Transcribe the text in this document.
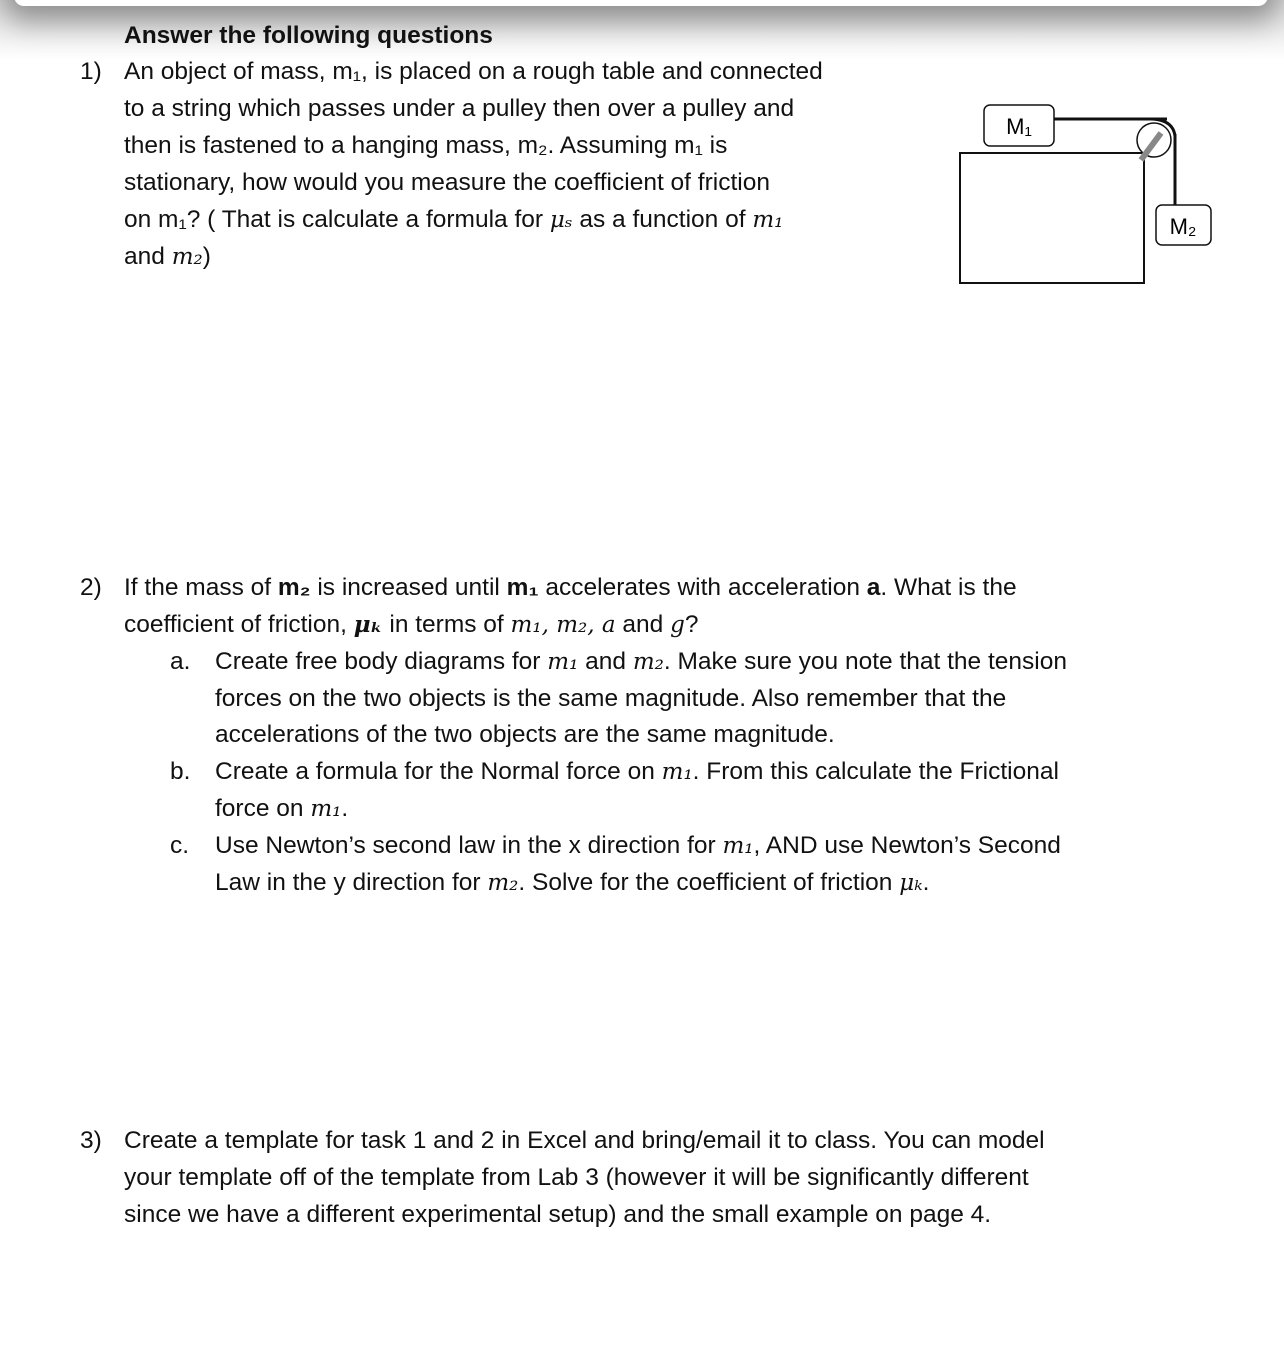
Answer the following questions
1) An object of mass, m₁, is placed on a rough table and connected
to a string which passes under a pulley then over a pulley and
then is fastened to a hanging mass, m₂. Assuming m₁ is
stationary, how would you measure the coefficient of friction
on m₁? ( That is calculate a formula for μₛ as a function of m₁
and m₂)
2) If the mass of m₂ is increased until m₁ accelerates with acceleration a. What is the
coefficient of friction, μₖ in terms of m₁, m₂, a and g?
a. Create free body diagrams for m₁ and m₂. Make sure you note that the tension
forces on the two objects is the same magnitude. Also remember that the
accelerations of the two objects are the same magnitude.
b. Create a formula for the Normal force on m₁. From this calculate the Frictional
force on m₁.
c. Use Newton’s second law in the x direction for m₁, AND use Newton’s Second
Law in the y direction for m₂. Solve for the coefficient of friction μₖ.
3) Create a template for task 1 and 2 in Excel and bring/email it to class. You can model
your template off of the template from Lab 3 (however it will be significantly different
since we have a different experimental setup) and the small example on page 4.
M₁
M₂
